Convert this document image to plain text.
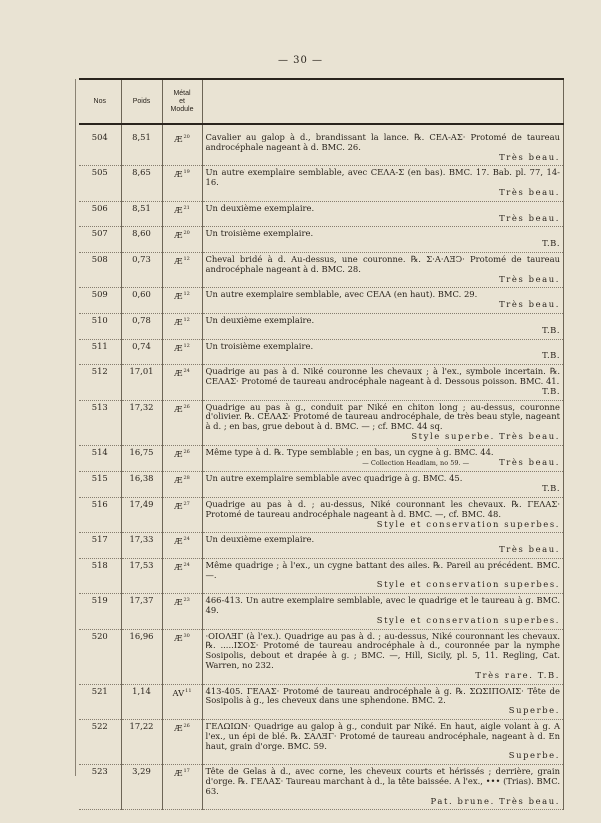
— 30 —
Nos	Poids	Métal
et
Module	
504	8,51	$Æ^{20}$	Cavalier au galop à d., brandissant la lance. ℞. CEΛ-AΣ· Protomé de taureau androcéphale nageant à d. BMC. 26.
Très beau.

505	8,65	$Æ^{19}$	Un autre exemplaire semblable, avec CEΛA-Σ (en bas). BMC. 17. Bab. pl. 77, 14-16.
Très beau.

506	8,51	$Æ^{21}$	Un deuxième exemplaire.
Très beau.

507	8,60	$Æ^{20}$	Un troisième exemplaire.
T.B.

508	0,73	$Æ^{12}$	Cheval bridé à d. Au-dessus, une couronne. ℞. Σ·A·ΛƎϽ· Protomé de taureau androcéphale nageant à d. BMC. 28.
Très beau.

509	0,60	$Æ^{12}$	Un autre exemplaire semblable, avec CEΛA (en haut). BMC. 29.
Très beau.

510	0,78	$Æ^{12}$	Un deuxième exemplaire.
T.B.

511	0,74	$Æ^{12}$	Un troisième exemplaire.
T.B.

512	17,01	$Æ^{24}$	Quadrige au pas à d. Niké couronne les chevaux ; à l'ex., symbole incertain. ℞. CEΛAΣ· Protomé de taureau androcéphale nageant à d. Dessous poisson. BMC. 41.
T.B.

513	17,32	$Æ^{26}$	Quadrige au pas à g., conduit par Niké en chiton long ; au-dessus, couronne d'olivier. ℞. CEΛAΣ· Protomé de taureau androcéphale, de très beau style, nageant à d. ; en bas, grue debout à d. BMC. — ; cf. BMC. 44 sq.
Style superbe. Très beau.

514	16,75	$Æ^{26}$	Même type à d. ℞. Type semblable ; en bas, un cygne à g. BMC. 44.
— Collection Headlam, no 59. — Très beau.

515	16,38	$Æ^{28}$	Un autre exemplaire semblable avec quadrige à g. BMC. 45.
T.B.

516	17,49	$Æ^{27}$	Quadrige au pas à d. ; au-dessus, Niké couronnant les chevaux. ℞. ΓEΛAΣ· Protomé de taureau androcéphale nageant à d. BMC. —, cf. BMC. 48.
Style et conservation superbes.

517	17,33	$Æ^{24}$	Un deuxième exemplaire.
Très beau.

518	17,53	$Æ^{24}$	Même quadrige ; à l'ex., un cygne battant des ailes. ℞. Pareil au précédent. BMC. —.
Style et conservation superbes.

519	17,37	$Æ^{23}$	466-413. Un autre exemplaire semblable, avec le quadrige et le taureau à g. BMC. 49.
Style et conservation superbes.

520	16,96	$Æ^{30}$	·OIOΛƎΓ (à l'ex.). Quadrige au pas à d. ; au-dessus, Niké couronnant les chevaux. ℞. .....IΣOΣ· Protomé de taureau androcéphale à d., couronnée par la nymphe Sosipolis, debout et drapée à g. ; BMC. —, Hill, Sicily, pl. 5, 11. Regling, Cat. Warren, no 232.
Très rare. T.B.

521	1,14	AV$^{11}$	413-405. ΓEΛAΣ· Protomé de taureau androcéphale à g. ℞. ΣΩΣIΠOΛIΣ· Tête de Sosipolis à g., les cheveux dans une sphendone. BMC. 2.
Superbe.

522	17,22	$Æ^{26}$	ΓEΛΩIΩN· Quadrige au galop à g., conduit par Niké. En haut, aigle volant à g. A l'ex., un épi de blé. ℞. ΣAΛƎΓ· Protomé de taureau androcéphale, nageant à d. En haut, grain d'orge. BMC. 59.
Superbe.

523	3,29	$Æ^{17}$	Tête de Gelas à d., avec corne, les cheveux courts et hérissés ; derrière, grain d'orge. ℞. ΓEΛAΣ· Taureau marchant à d., la tête baissée. A l'ex., ••• (Trias). BMC. 63.
Pat. brune. Très beau.
